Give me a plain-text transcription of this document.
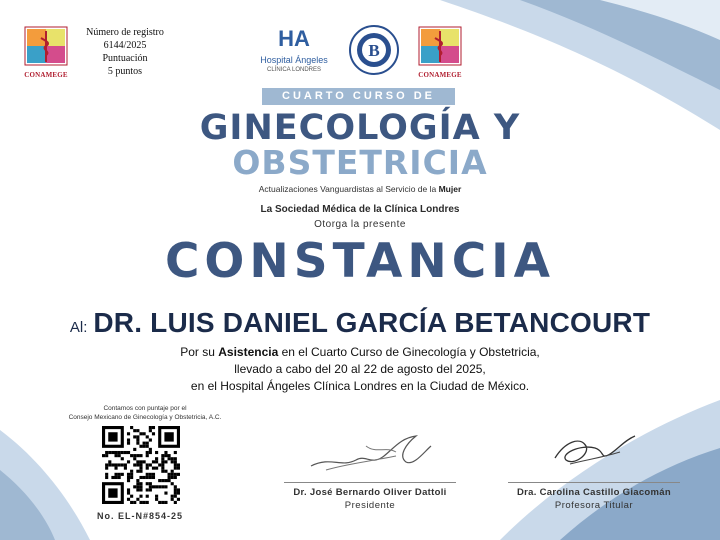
CONAMEGE
Número de registro
6144/2025
Puntuación
5 puntos
HA
Hospital Ángeles
CLÍNICA LONDRES
B
CONAMEGE
CUARTO CURSO DE
GINECOLOGÍA Y
OBSTETRICIA
Actualizaciones Vanguardistas al Servicio de la Mujer
La Sociedad Médica de la Clínica Londres
Otorga la presente
CONSTANCIA
Al: DR. LUIS DANIEL GARCÍA BETANCOURT
Por su Asistencia en el Cuarto Curso de Ginecología y Obstetricia,
llevado a cabo del 20 al 22 de agosto del 2025,
en el Hospital Ángeles Clínica Londres en la Ciudad de México.
Contamos con puntaje por el
Consejo Mexicano de Ginecología y Obstetricia, A.C.
No. EL-N#854-25
Dr. José Bernardo Oliver Dattoli
Presidente
Dra. Carolina Castillo Giacomán
Profesora Titular
